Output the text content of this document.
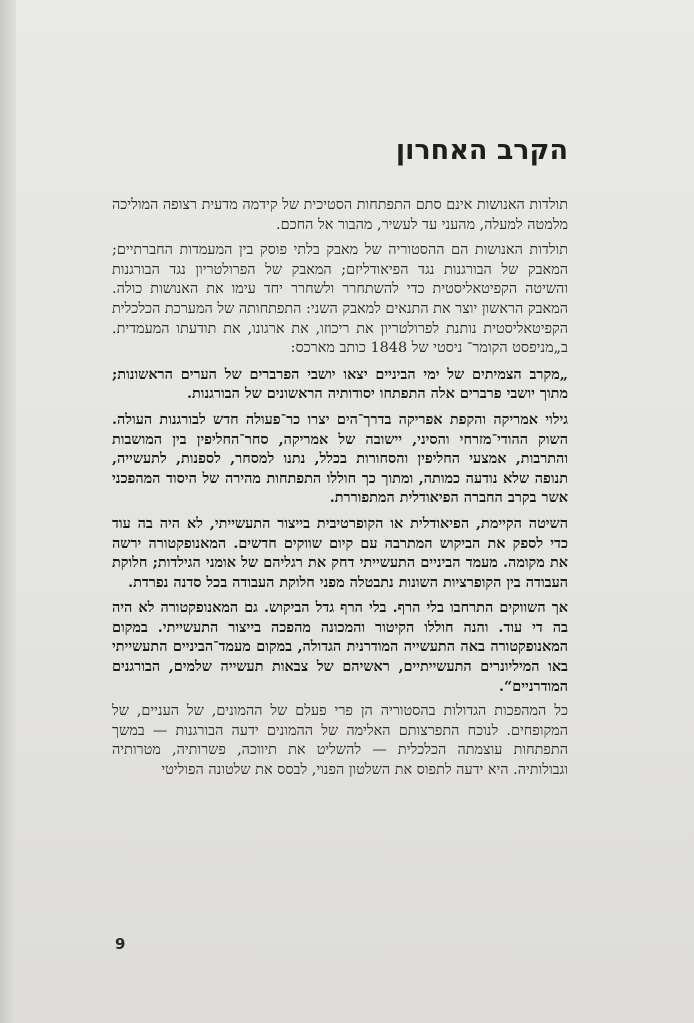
הקרב האחרון

תולדות האנושות אינם סתם התפתחות הסטיכית של קידמה מדעית רצופה המוליכה מלמטה למעלה, מהעני עד לעשיר, מהבור אל החכם.

תולדות האנושות הם ההסטוריה של מאבק בלתי פוסק בין המעמדות החברתיים; המאבק של הבורגנות נגד הפיאודליזם; המאבק של הפרולטריון נגד הבורגנות והשיטה הקפיטאליסטית כדי להשתחרר ולשחרר יחד עימו את האנושות כולה. המאבק הראשון יוצר את התנאים למאבק השני: התפתחותה של המערכת הכלכלית הקפיטאליסטית נותנת לפרולטריון את ריכוזו, את ארגונו, את תודעתו המעמדית. ב„מניפסט הקומר־ ניסטי של 1848 כותב מארכס:

„מקרב הצמיתים של ימי הביניים יצאו יושבי הפרברים של הערים הראשונות; מתוך יושבי פרברים אלה התפתחו יסודותיה הראשונים של הבורגנות.

גילוי אמריקה והקפת אפריקה בדרך־הים יצרו כר־פעולה חדש לבורגנות העולה. השוק ההודי־מזרחי והסיני, יישובה של אמריקה, סחר־החליפין בין המושבות והתרבות, אמצעי החליפין והסחורות בכלל, נתנו למסחר, לספנות, לתעשייה, תנופה שלא נודעה כמותה, ומתוך כך חוללו התפתחות מהירה של היסוד המהפכני אשר בקרב החברה הפיאודלית המתפוררת.

השיטה הקיימת, הפיאודלית או הקופרטיבית בייצור התעשייתי, לא היה בה עוד כדי לספק את הביקוש המתרבה עם קיום שווקים חדשים. המאנופקטורה ירשה את מקומה. מעמד הביניים התעשייתי דחק את רגליהם של אומני הגילדות; חלוקת העבודה בין הקופרציות השונות נתבטלה מפני חלוקת העבודה בכל סדנה נפרדת.

אך השווקים התרחבו בלי הרף. בלי הרף גדל הביקוש. גם המאנופקטורה לא היה בה די עוד. והנה חוללו הקיטור והמכונה מהפכה בייצור התעשייתי. במקום המאנופקטורה באה התעשייה המודרנית הגדולה, במקום מעמד־הביניים התעשייתי באו המיליונרים התעשייתיים, ראשיהם של צבאות תעשייה שלמים, הבורגנים המודרניים“.

כל המהפכות הגדולות בהסטוריה הן פרי פעלם של ההמונים, של העניים, של המקופחים. לנוכח התפרצותם האלימה של ההמונים ידעה הבורגנות — במשך התפתחות עוצמתה הכלכלית — להשליט את תיווכה, פשרותיה, מטרותיה וגבולותיה. היא ידעה לתפוס את השלטון הפנוי, לבסס את שלטונה הפוליטי

9
